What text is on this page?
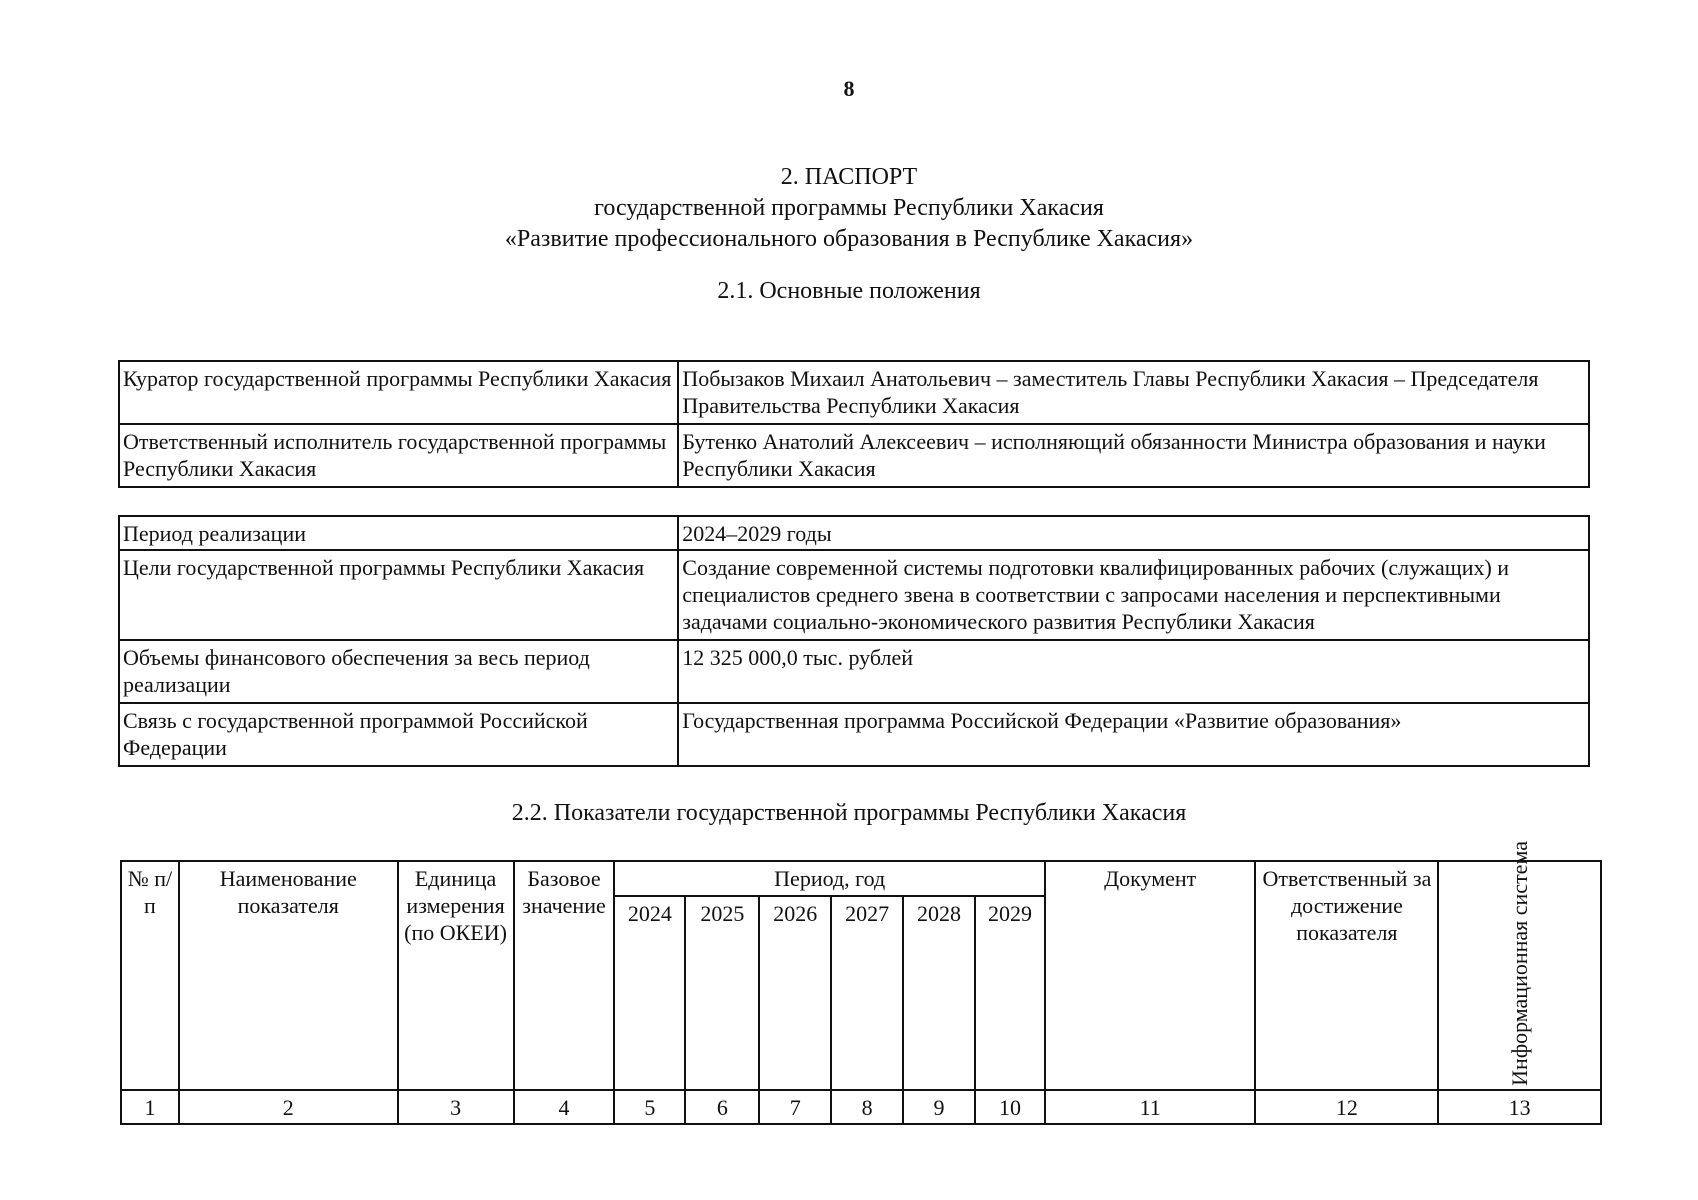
8
2. ПАСПОРТ
государственной программы Республики Хакасия
«Развитие профессионального образования в Республике Хакасия»
2.1. Основные положения
Куратор государственной программы Республики Хакасия	Побызаков Михаил Анатольевич – заместитель Главы Республики Хакасия – Председателя Правительства Республики Хакасия
Ответственный исполнитель государственной программы Республики Хакасия	Бутенко Анатолий Алексеевич – исполняющий обязанности Министра образования и науки Республики Хакасия
Период реализации	2024–2029 годы
Цели государственной программы Республики Хакасия	Создание современной системы подготовки квалифицированных рабочих (служащих) и специалистов среднего звена в соответствии с запросами населения и перспективными задачами социально-экономического развития Республики Хакасия
Объемы финансового обеспечения за весь период реализации	12 325 000,0 тыс. рублей
Связь с государственной программой Российской Федерации	Государственная программа Российской Федерации «Развитие образования»
2.2. Показатели государственной программы Республики Хакасия
№ п/п	Наименование показателя	Единица измерения (по ОКЕИ)	Базовое значение	Период, год						Документ	Ответственный за достижение показателя	Информационная система

				2024	2025	2026	2027	2028	2029			
1	2	3	4	5	6	7	8	9	10	11	12	13
